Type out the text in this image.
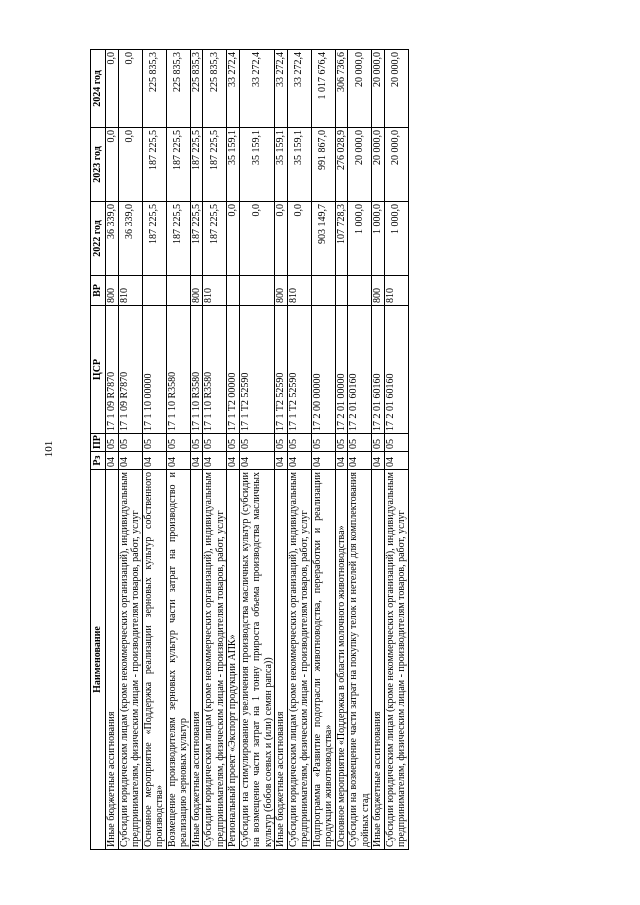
101
Наименование	Рз	ПР	ЦСР	ВР	2022 год	2023 год	2024 год
Иные бюджетные ассигнования	04	05	17 1 09 R7870	800	36 339,0	0,0	0,0
Субсидии юридическим лицам (кроме некоммерческих организаций), индивидуальным предпринимателям, физическим лицам - производителям товаров, работ, услуг	04	05	17 1 09 R7870	810	36 339,0	0,0	0,0
Основное мероприятие «Поддержка реализации зерновых культур собственного производства»	04	05	17 1 10 00000		187 225,5	187 225,5	225 835,3
Возмещение производителям зерновых культур части затрат на производство и реализацию зерновых культур	04	05	17 1 10 R3580		187 225,5	187 225,5	225 835,3
Иные бюджетные ассигнования	04	05	17 1 10 R3580	800	187 225,5	187 225,5	225 835,3
Субсидии юридическим лицам (кроме некоммерческих организаций), индивидуальным предпринимателям, физическим лицам - производителям товаров, работ, услуг	04	05	17 1 10 R3580	810	187 225,5	187 225,5	225 835,3
Региональный проект «Экспорт продукции АПК»	04	05	17 1 T2 00000		0,0	35 159,1	33 272,4
Субсидии на стимулирование увеличения производства масличных культур (субсидии на возмещение части затрат на 1 тонну прироста объема производства масличных культур (бобов соевых и (или) семян рапса))	04	05	17 1 T2 52590		0,0	35 159,1	33 272,4
Иные бюджетные ассигнования	04	05	17 1 T2 52590	800	0,0	35 159,1	33 272,4
Субсидии юридическим лицам (кроме некоммерческих организаций), индивидуальным предпринимателям, физическим лицам - производителям товаров, работ, услуг	04	05	17 1 T2 52590	810	0,0	35 159,1	33 272,4
Подпрограмма «Развитие подотрасли животноводства, переработки и реализации продукции животноводства»	04	05	17 2 00 00000		903 149,7	991 867,0	1 017 676,4
Основное мероприятие «Поддержка в области молочного животноводства»	04	05	17 2 01 00000		107 728,3	276 028,9	306 736,6
Субсидии на возмещение части затрат на покупку телок и нетелей для комплектования дойных стад	04	05	17 2 01 60160		1 000,0	20 000,0	20 000,0
Иные бюджетные ассигнования	04	05	17 2 01 60160	800	1 000,0	20 000,0	20 000,0
Субсидии юридическим лицам (кроме некоммерческих организаций), индивидуальным предпринимателям, физическим лицам - производителям товаров, работ, услуг	04	05	17 2 01 60160	810	1 000,0	20 000,0	20 000,0
